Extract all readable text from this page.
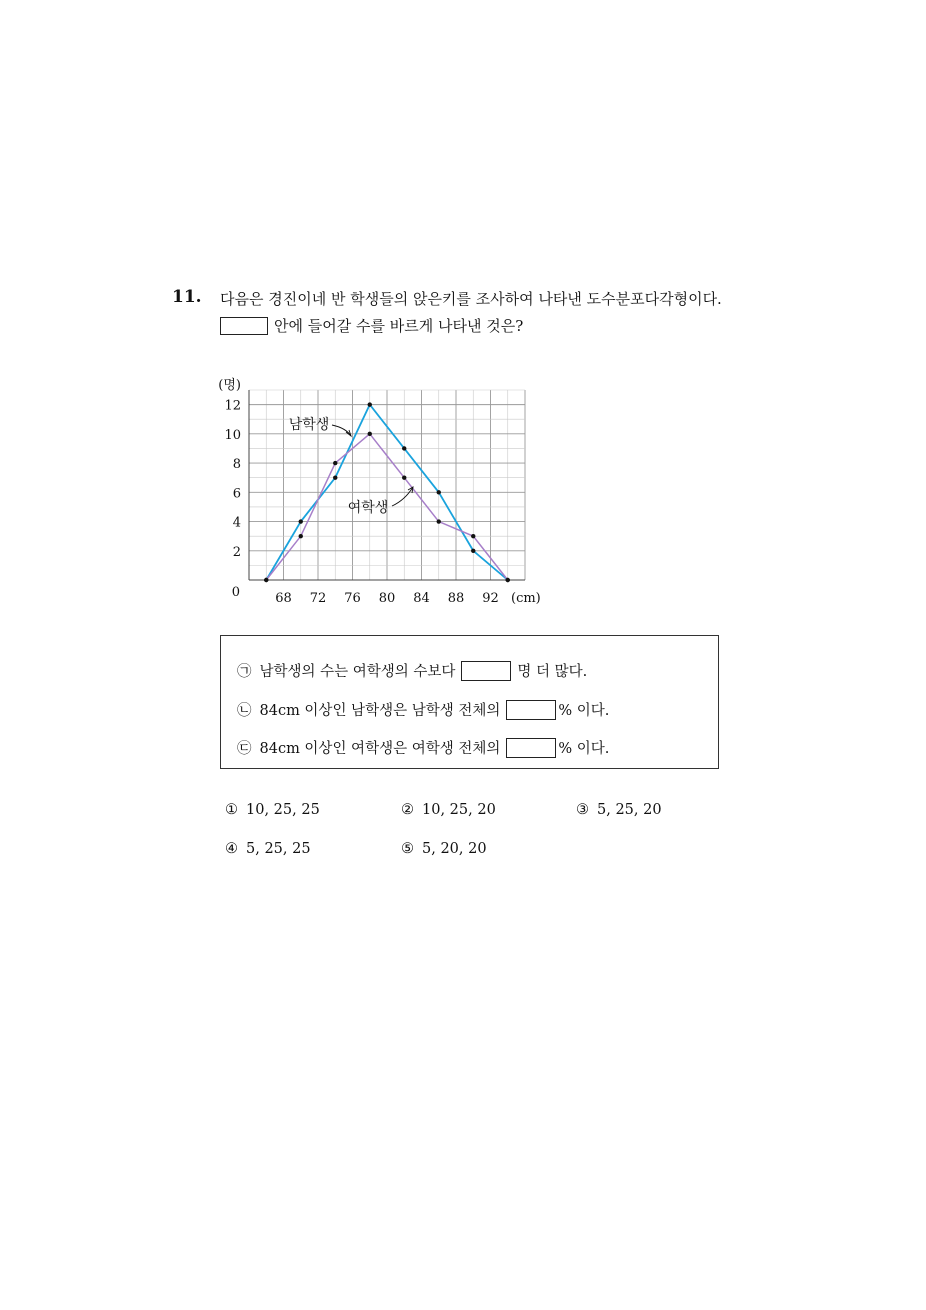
11. 다음은 경진이네 반 학생들의 앉은키를 조사하여 나타낸 도수분포다각형이다.
안에 들어갈 수를 바르게 나타낸 것은?
68 72 76 80 84 88 92
2
4
6
8
10
12
0
(명)
(cm)
남학생
여학생
㉠ 남학생의 수는 여학생의 수보다	명 더 많다.
㉡ 84cm 이상인 남학생은 남학생 전체의	% 이다.
㉢ 84cm 이상인 여학생은 여학생 전체의	% 이다.
① 10, 25, 25	② 10, 25, 20	③ 5, 25, 20
④ 5, 25, 25	⑤ 5, 20, 20
